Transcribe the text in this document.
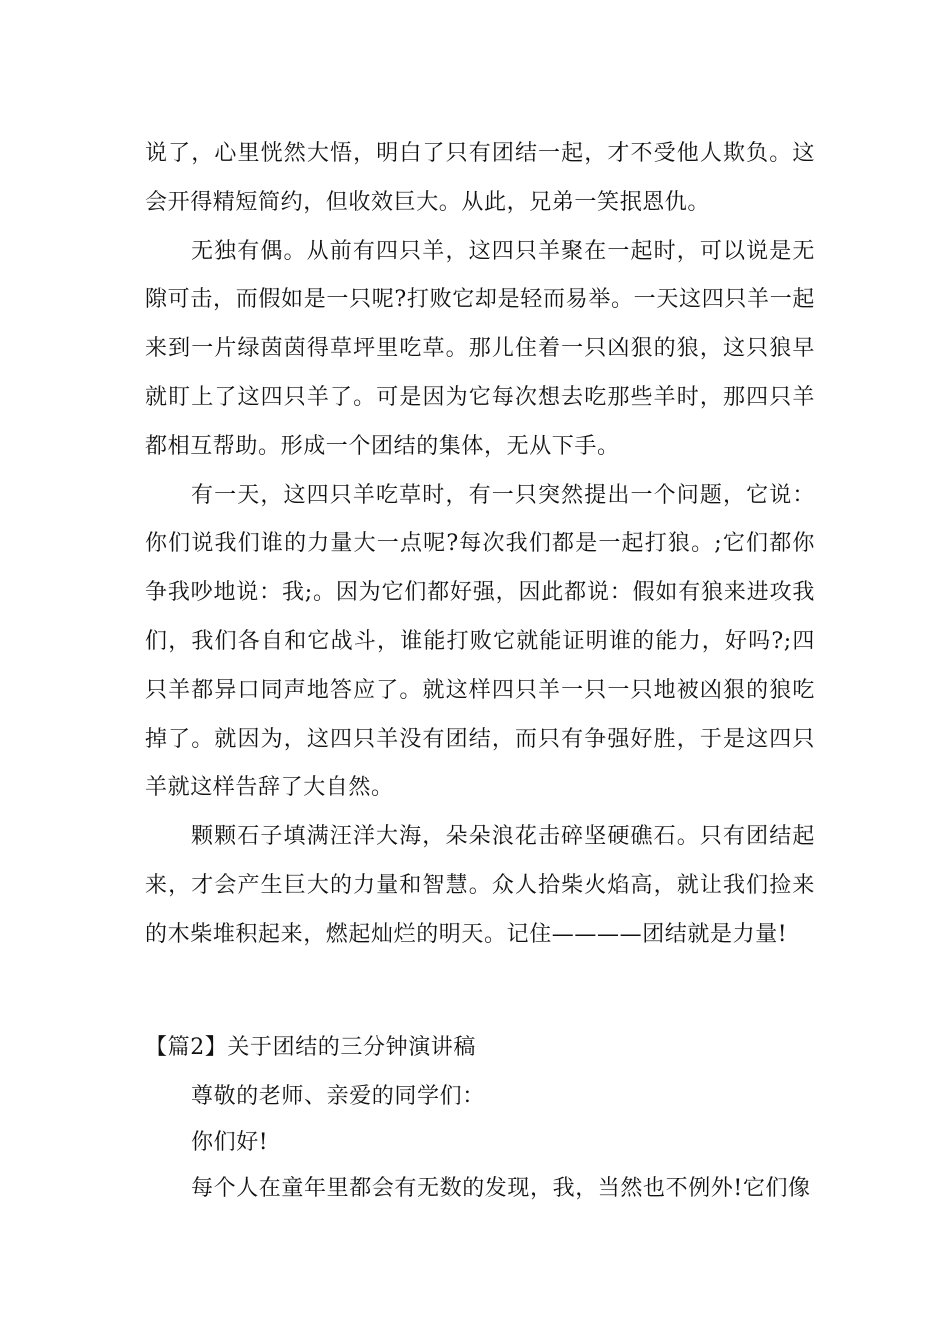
说了，心里恍然大悟，明白了只有团结一起，才不受他人欺负。这会开得精短简约，但收效巨大。从此，兄弟一笑抿恩仇。

无独有偶。从前有四只羊，这四只羊聚在一起时，可以说是无隙可击，而假如是一只呢?打败它却是轻而易举。一天这四只羊一起来到一片绿茵茵得草坪里吃草。那儿住着一只凶狠的狼，这只狼早就盯上了这四只羊了。可是因为它每次想去吃那些羊时，那四只羊都相互帮助。形成一个团结的集体，无从下手。

有一天，这四只羊吃草时，有一只突然提出一个问题，它说：你们说我们谁的力量大一点呢?每次我们都是一起打狼。;它们都你争我吵地说：我;。因为它们都好强，因此都说：假如有狼来进攻我们，我们各自和它战斗，谁能打败它就能证明谁的能力，好吗?;四只羊都异口同声地答应了。就这样四只羊一只一只地被凶狠的狼吃掉了。就因为，这四只羊没有团结，而只有争强好胜，于是这四只羊就这样告辞了大自然。

颗颗石子填满汪洋大海，朵朵浪花击碎坚硬礁石。只有团结起来，才会产生巨大的力量和智慧。众人拾柴火焰高，就让我们捡来的木柴堆积起来，燃起灿烂的明天。记住————团结就是力量!

【篇2】关于团结的三分钟演讲稿

尊敬的老师、亲爱的同学们：

你们好!

每个人在童年里都会有无数的发现，我，当然也不例外!它们像
